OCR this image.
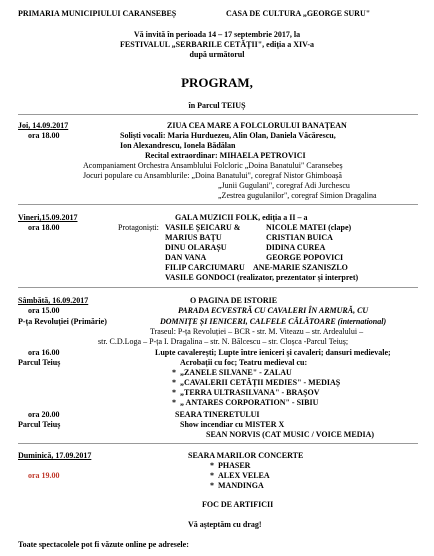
PRIMARIA MUNICIPIULUI CARANSEBEȘ	CASA DE CULTURA „GEORGE SURU"
Vă invită în perioada 14 – 17 septembrie 2017, la
FESTIVALUL „SERBARILE CETĂȚII", ediția a XIV-a
după următorul
PROGRAM,
în Parcul TEIUȘ
Joi, 14.09.2017	ZIUA CEA MARE A FOLCLORULUI BANAȚEAN
ora 18.00	Soliști vocali: Maria Hurduezeu, Alin Olan, Daniela Văcărescu,
Ion Alexandrescu, Ionela Bădălan
Recital extraordinar: MIHAELA PETROVICI
Acompaniament Orchestra Ansamblului Folcloric „Doina Banatului" Caransebeș
Jocuri populare cu Ansamblurile: „Doina Banatului", coregraf Nistor Ghimboașă
„Junii Gugulani", coregraf Adi Jurchescu
„Zestrea gugulanilor", coregraf Simion Dragalina
Vineri,15.09.2017	GALA MUZICII FOLK, ediția a II – a
ora 18.00	Protagoniști: VASILE ȘEICARU &	NICOLE MATEI (clape)
MARIUS BAȚU	CRISTIAN BUICA
DINU OLARAȘU	DIDINA CUREA
DAN VANA	GEORGE POPOVICI
FILIP CARCIUMARU ANE-MARIE SZANISZLO
VASILE GONDOCI (realizator, prezentator și interpret)
Sâmbătă, 16.09.2017	O PAGINA DE ISTORIE
ora 15.00	PARADA ECVESTRĂ CU CAVALERI ÎN ARMURĂ, CU
P-ța Revoluției (Primărie)	DOMNIȚE ȘI IENICERI, CALFELE CĂLĂTOARE (international)
Traseul: P-ța Revoluției – BCR - str. M. Viteazu – str. Ardealului –
str. C.D.Loga – P-ța I. Dragalina – str. N. Bălcescu – str. Cloșca -Parcul Teiuș;
ora 16.00	Lupte cavalerești; Lupte între ieniceri și cavaleri; dansuri medievale;
Parcul Teiuș	Acrobații cu foc; Teatru medieval cu:
*  „ZANELE SILVANE" - ZALAU
*  „CAVALERII CETĂȚII MEDIES" - MEDIAȘ
*  „TERRA ULTRASILVANA" - BRAȘOV
*  „ ANTARES CORPORATION" - SIBIU
ora 20.00	SEARA TINERETULUI
Parcul Teiuș	Show incendiar cu MISTER X
SEAN NORVIS (CAT MUSIC / VOICE MEDIA)
Duminică, 17.09.2017	SEARA MARILOR CONCERTE
*  PHASER
ora 19.00	*  ALEX VELEA
*  MANDINGA
FOC DE ARTIFICII
Vă așteptăm cu drag!
Toate spectacolele pot fi văzute online pe adresele:
